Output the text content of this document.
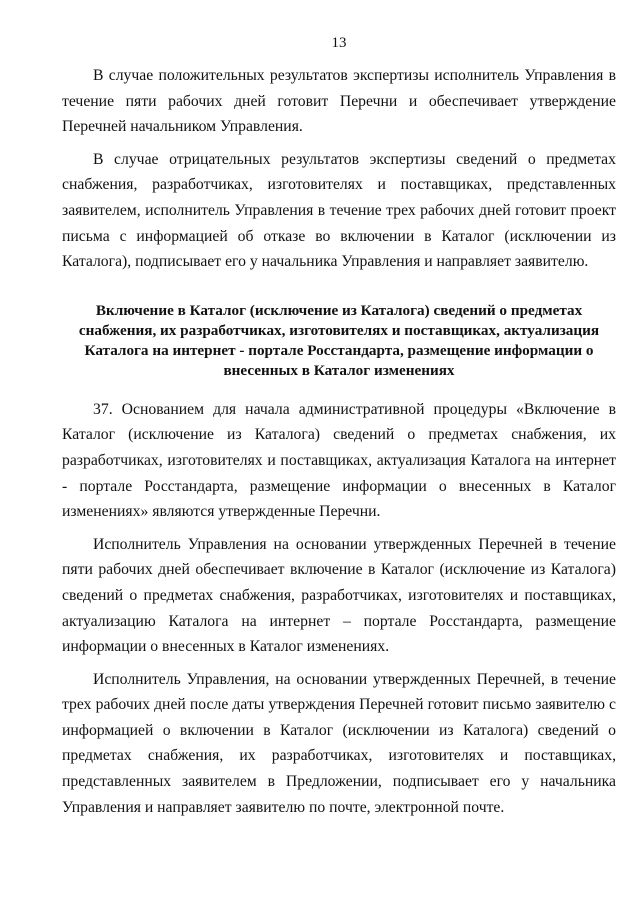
13

В случае положительных результатов экспертизы исполнитель Управления в течение пяти рабочих дней готовит Перечни и обеспечивает утверждение Перечней начальником Управления.

В случае отрицательных результатов экспертизы сведений о предметах снабжения, разработчиках, изготовителях и поставщиках, представленных заявителем, исполнитель Управления в течение трех рабочих дней готовит проект письма с информацией об отказе во включении в Каталог (исключении из Каталога), подписывает его у начальника Управления и направляет заявителю.

Включение в Каталог (исключение из Каталога) сведений о предметах снабжения, их разработчиках, изготовителях и поставщиках, актуализация Каталога на интернет - портале Росстандарта, размещение информации о внесенных в Каталог изменениях

37. Основанием для начала административной процедуры «Включение в Каталог (исключение из Каталога) сведений о предметах снабжения, их разработчиках, изготовителях и поставщиках, актуализация Каталога на интернет - портале Росстандарта, размещение информации о внесенных в Каталог изменениях» являются утвержденные Перечни.

Исполнитель Управления на основании утвержденных Перечней в течение пяти рабочих дней обеспечивает включение в Каталог (исключение из Каталога) сведений о предметах снабжения, разработчиках, изготовителях и поставщиках, актуализацию Каталога на интернет – портале Росстандарта, размещение информации о внесенных в Каталог изменениях.

Исполнитель Управления, на основании утвержденных Перечней, в течение трех рабочих дней после даты утверждения Перечней готовит письмо заявителю с информацией о включении в Каталог (исключении из Каталога) сведений о предметах снабжения, их разработчиках, изготовителях и поставщиках, представленных заявителем в Предложении, подписывает его у начальника Управления и направляет заявителю по почте, электронной почте.
